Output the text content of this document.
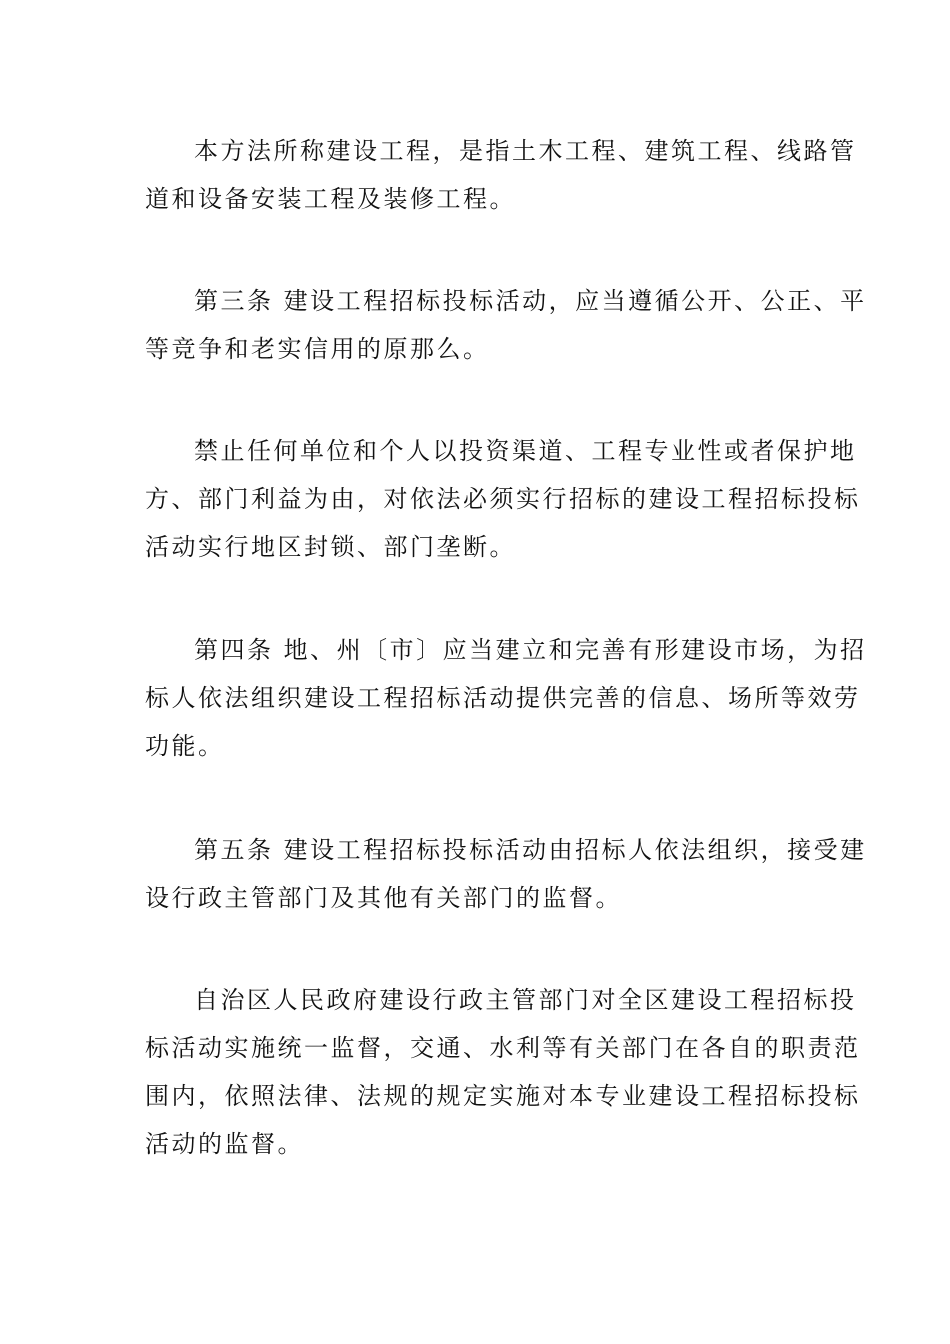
本方法所称建设工程，是指土木工程、建筑工程、线路管
道和设备安装工程及装修工程。

第三条 建设工程招标投标活动，应当遵循公开、公正、平
等竞争和老实信用的原那么。

禁止任何单位和个人以投资渠道、工程专业性或者保护地
方、部门利益为由，对依法必须实行招标的建设工程招标投标
活动实行地区封锁、部门垄断。

第四条 地、州〔市〕应当建立和完善有形建设市场，为招
标人依法组织建设工程招标活动提供完善的信息、场所等效劳
功能。

第五条 建设工程招标投标活动由招标人依法组织，接受建
设行政主管部门及其他有关部门的监督。

自治区人民政府建设行政主管部门对全区建设工程招标投
标活动实施统一监督，交通、水利等有关部门在各自的职责范
围内，依照法律、法规的规定实施对本专业建设工程招标投标
活动的监督。
